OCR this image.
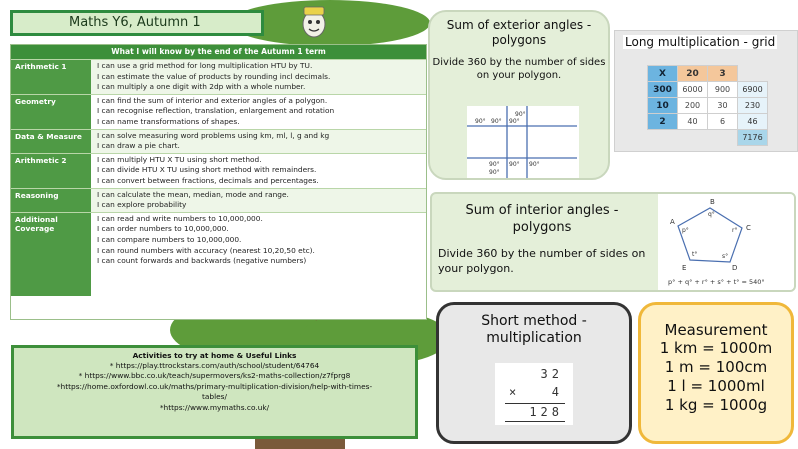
Maths Y6, Autumn 1
What I will know by the end of the Autumn 1 term
Arithmetic 1	I can use a grid method for long multiplication HTU by TU.
I can estimate the value of products by rounding incl decimals.
I can multiply a one digit with 2dp with a whole number.
Geometry	I can find the sum of interior and exterior angles of a polygon.
I can recognise reflection, translation, enlargement and rotation
I can name transformations of shapes.
Data & Measure	I can solve measuring word problems using km, ml, l, g and kg
I can draw a pie chart.
Arithmetic 2	I can multiply HTU X TU using short method.
I can divide HTU X TU using short method with remainders.
I can convert between fractions, decimals and percentages.
Reasoning	I can calculate the mean, median, mode and range.
I can explore probability
Additional Coverage
I can read and write numbers to 10,000,000.
I can order numbers to 10,000,000.
I can compare numbers to 10,000,000.
I can round numbers with accuracy (nearest 10,20,50 etc).
I can count forwards and backwards (negative numbers)
Activities to try at home & Useful Links
* https://play.ttrockstars.com/auth/school/student/64764
* https://www.bbc.co.uk/teach/supermovers/ks2-maths-collection/z7fprg8
*https://home.oxfordowl.co.uk/maths/primary-multiplication-division/help-with-times-
tables/
*https://www.mymaths.co.uk/
Sum of exterior angles - polygons
Divide 360 by the number of sides on your polygon.
90°
90° 90° 90°
90° 90° 90°
90°
Long multiplication - grid
X	20	3	
300	6000	900	6900
10	200	30	230
2	40	6	46
			7176
Sum of interior angles - polygons
Divide 360 by the number of sides on your polygon.
A
B
C
D
E
p°
q°
r°
s°
t°
p° + q° + r° + s° + t° = 540°
Short method - multiplication
32
×	4
128
Measurement
1 km = 1000m
1 m = 100cm
1 l = 1000ml
1 kg = 1000g
